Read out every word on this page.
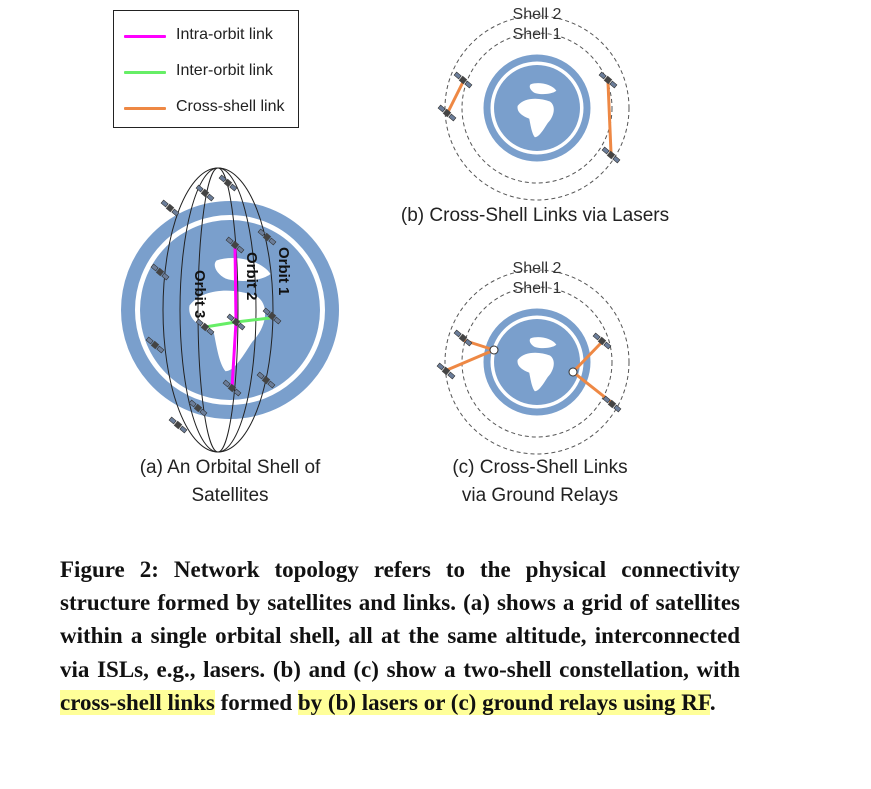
Intra-orbit link
Inter-orbit link
Cross-shell link
Orbit 1
Orbit 2
Orbit 3
Shell 2
Shell 1
Shell 2
Shell 1
(a) An Orbital Shell of
Satellites
(b) Cross-Shell Links via Lasers
(c) Cross-Shell Links
via Ground Relays
Figure 2: Network topology refers to the physical connectivity structure formed by satellites and links. (a) shows a grid of satellites within a single orbital shell, all at the same altitude, interconnected via ISLs, e.g., lasers. (b) and (c) show a two-shell constellation, with cross-shell links formed by (b) lasers or (c) ground relays using RF.
